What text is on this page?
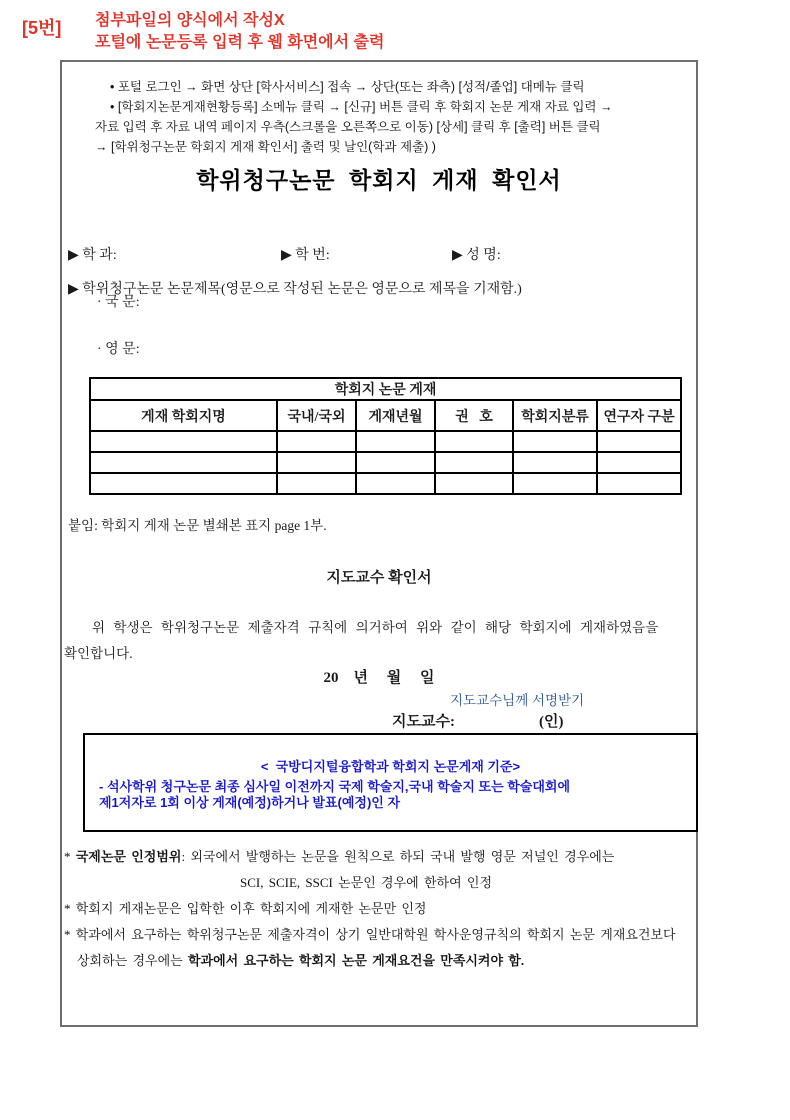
[5번] 첨부파일의 양식에서 작성X
포털에 논문등록 입력 후 웹 화면에서 출력
• 포털 로그인 → 화면 상단 [학사서비스] 접속 → 상단(또는 좌측) [성적/졸업] 대메뉴 클릭
• [학회지논문게재현황등록] 소메뉴 클릭 → [신규] 버튼 클릭 후 학회지 논문 게재 자료 입력 →
자료 입력 후 자료 내역 페이지 우측(스크롤을 오른쪽으로 이동) [상세] 클릭 후 [출력] 버튼 클릭
→ [학위청구논문 학회지 게재 확인서] 출력 및 날인(학과 제출) )
학위청구논문  학회지  게재  확인서
▶ 학 과:	▶ 학 번:	▶ 성 명:
▶ 학위청구논문 논문제목(영문으로 작성된 논문은 영문으로 제목을 기재함.)
· 국 문:
· 영 문:
학회지 논문 게재					
게재 학회지명	국내/국외	게재년월	권   호	학회지분류	연구자 구분

붙임: 학회지 게재 논문 별쇄본 표지 page 1부.
지도교수 확인서
위 학생은 학위청구논문 제출자격 규칙에 의거하여 위와 같이 해당 학회지에 게재하였음을
확인합니다.
20    년     월     일
지도교수님께 서명받기
지도교수:	(인)
<  국방디지털융합학과 학회지 논문게재 기준>
- 석사학위 청구논문 최종 심사일 이전까지 국제 학술지,국내 학술지 또는 학술대회에
제1저자로 1회 이상 게재(예정)하거나 발표(예정)인 자
* 국제논문 인정범위: 외국에서 발행하는 논문을 원칙으로 하되 국내 발행 영문 저널인 경우에는
SCI, SCIE, SSCI 논문인 경우에 한하여 인정
* 학회지 게재논문은 입학한 이후 학회지에 게재한 논문만 인정
* 학과에서 요구하는 학위청구논문 제출자격이 상기 일반대학원 학사운영규칙의 학회지 논문 게재요건보다
상회하는 경우에는 학과에서 요구하는 학회지 논문 게재요건을 만족시켜야 함.
